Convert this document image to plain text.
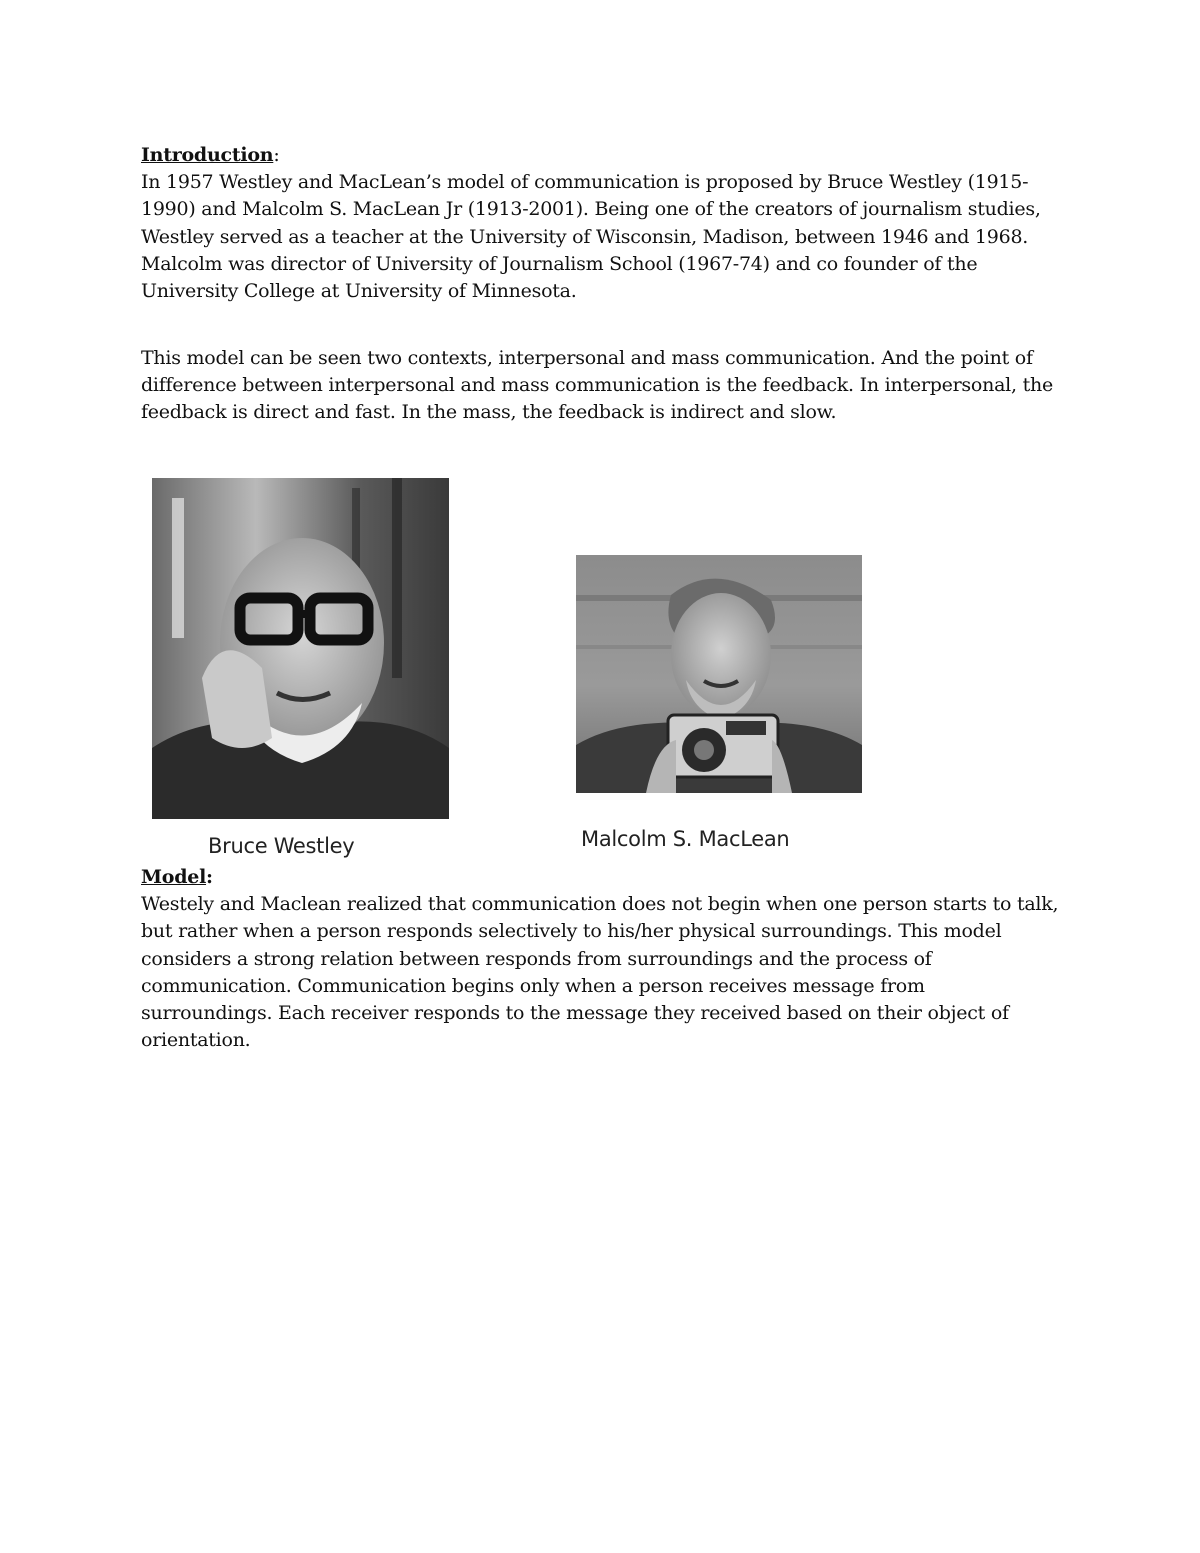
Introduction:
In 1957 Westley and MacLean’s model of communication is proposed by Bruce Westley (1915-
1990) and Malcolm S. MacLean Jr (1913-2001). Being one of the creators of journalism studies,
Westley served as a teacher at the University of Wisconsin, Madison, between 1946 and 1968.
Malcolm was director of University of Journalism School (1967-74) and co founder of the
University College at University of Minnesota.
This model can be seen two contexts, interpersonal and mass communication. And the point of
difference between interpersonal and mass communication is the feedback. In interpersonal, the
feedback is direct and fast. In the mass, the feedback is indirect and slow.
Bruce Westley	Malcolm S. MacLean
Model:
Westely and Maclean realized that communication does not begin when one person starts to talk,
but rather when a person responds selectively to his/her physical surroundings. This model
considers a strong relation between responds from surroundings and the process of
communication. Communication begins only when a person receives message from
surroundings. Each receiver responds to the message they received based on their object of
orientation.
